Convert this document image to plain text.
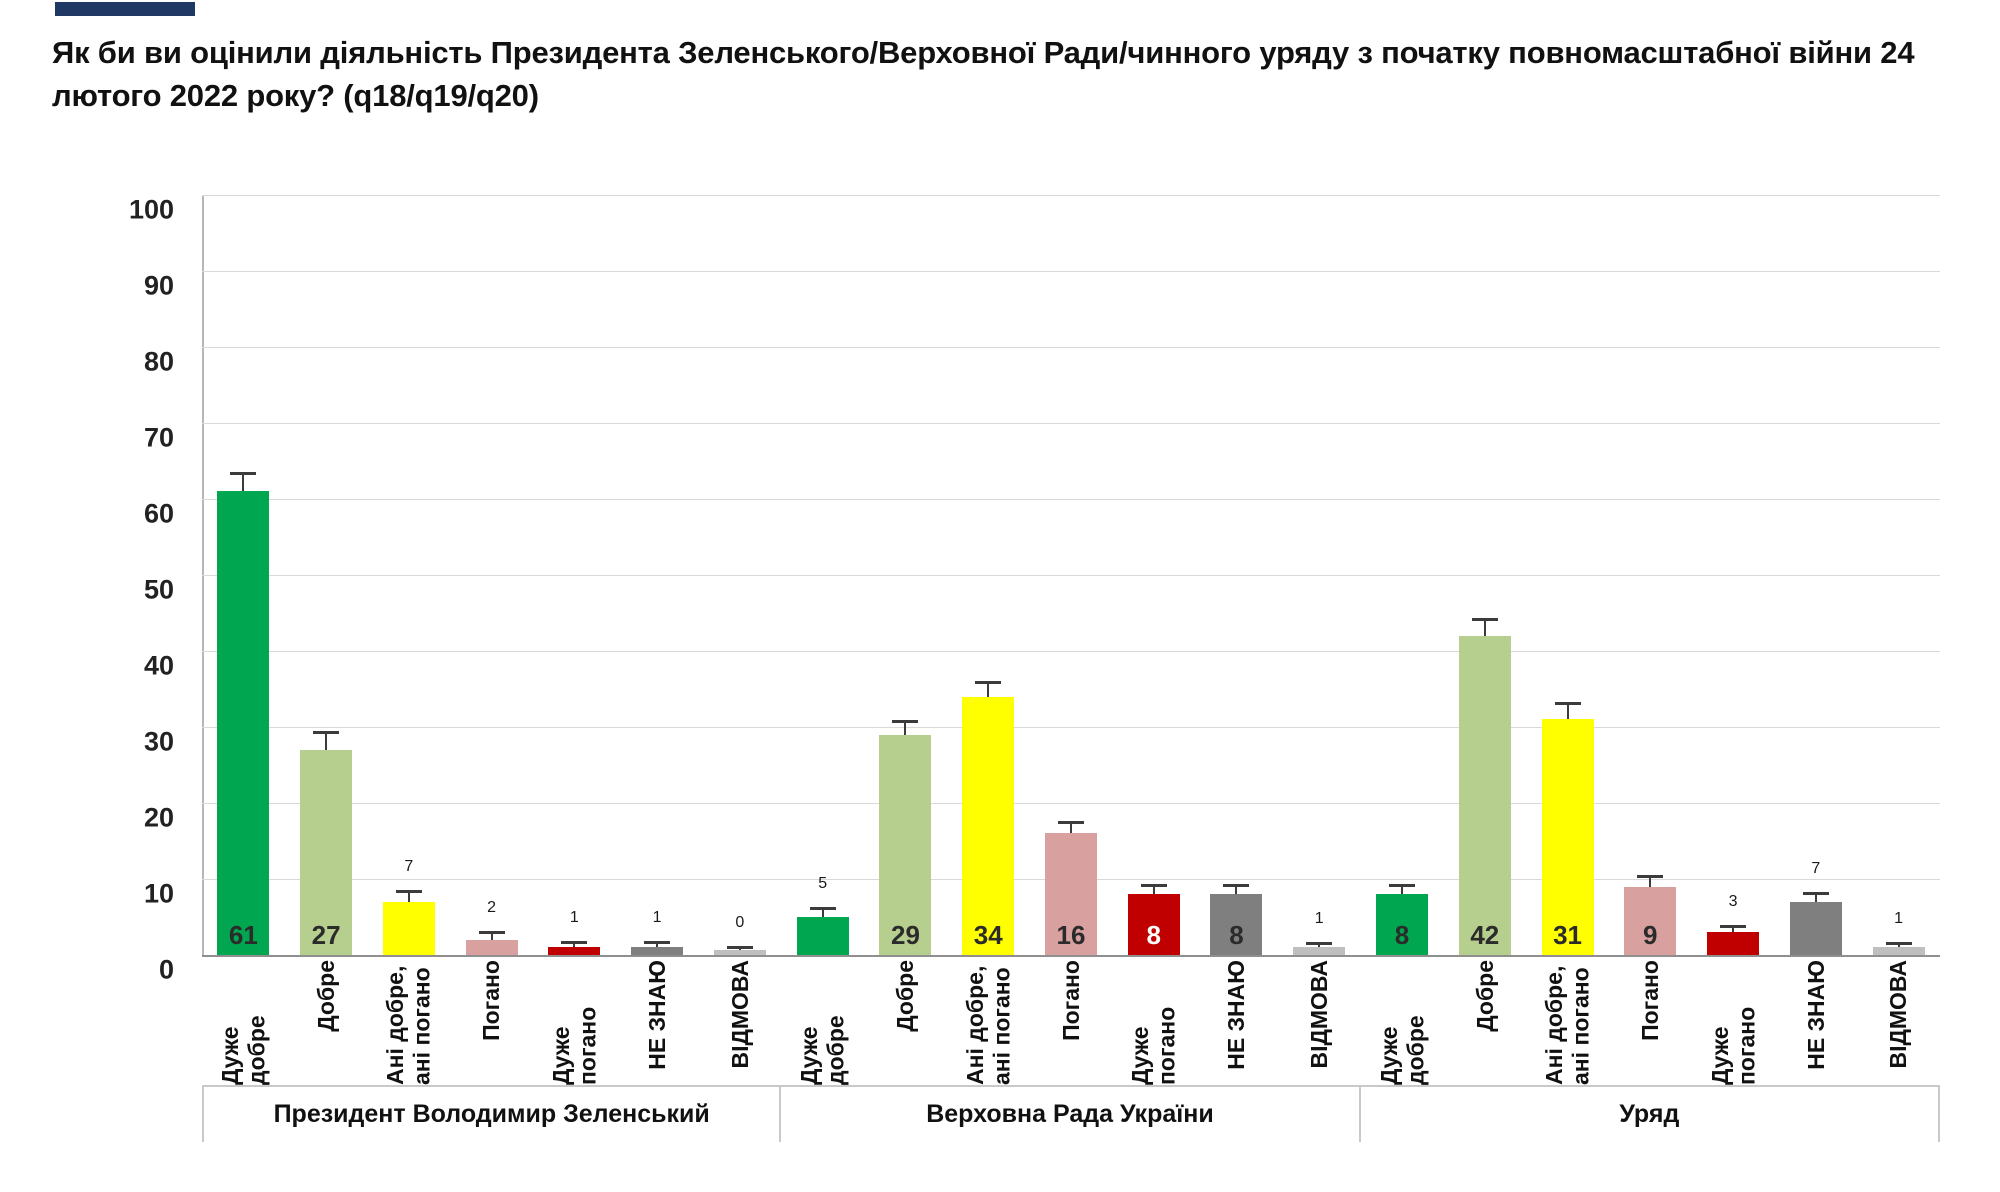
Як би ви оцінили діяльність Президента Зеленського/Верховної Ради/чинного уряду з початку повномасштабної війни 24 лютого 2022 року? (q18/q19/q20)
0
10
20
30
40
50
60
70
80
90
100
61 27
7
2
1	1	0
5
29 34 16 8	8
1
8 42 31 9
3
7
1
Дуже добре
Добре Ані добре, ані погано Погано
Дуже погано НЕ ЗНАЮ ВІДМОВА Дуже добре
Добре Ані добре, ані погано Погано
Дуже погано НЕ ЗНАЮ ВІДМОВА Дуже добре
Добре Ані добре, ані погано Погано
Дуже погано НЕ ЗНАЮ ВІДМОВА
Президент Володимир Зеленський	Верховна Рада України	Уряд
